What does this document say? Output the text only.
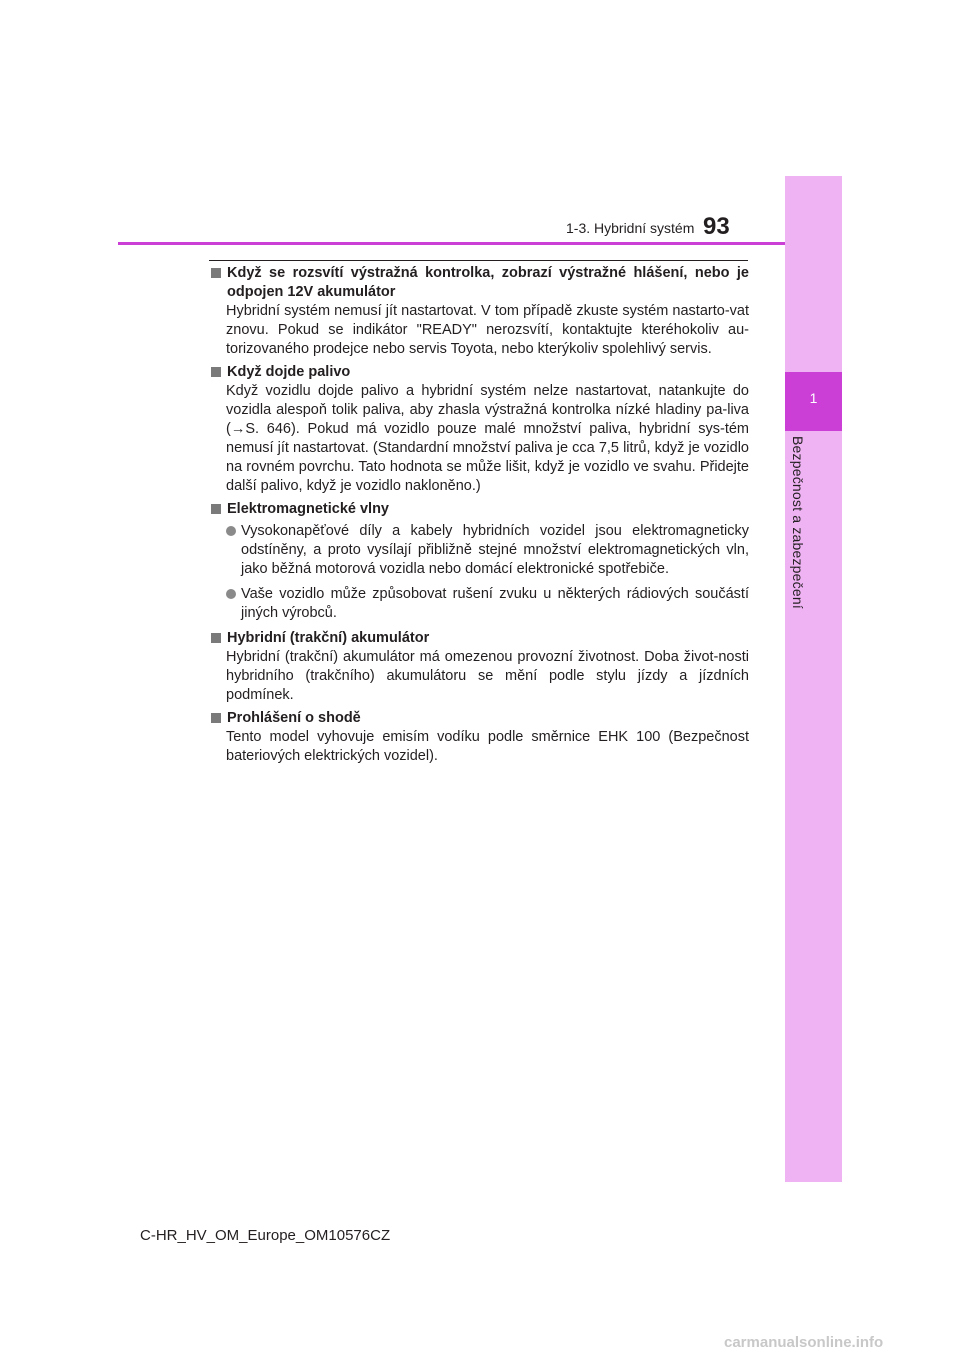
1
Bezpečnost a zabezpečení
1-3. Hybridní systém 93
Když se rozsvítí výstražná kontrolka, zobrazí výstražné hlášení, nebo je odpojen 12V akumulátor
Hybridní systém nemusí jít nastartovat. V tom případě zkuste systém nastarto-vat znovu. Pokud se indikátor "READY" nerozsvítí, kontaktujte kteréhokoliv au-torizovaného prodejce nebo servis Toyota, nebo kterýkoliv spolehlivý servis.
Když dojde palivo
Když vozidlu dojde palivo a hybridní systém nelze nastartovat, natankujte do vozidla alespoň tolik paliva, aby zhasla výstražná kontrolka nízké hladiny pa-liva (→S. 646). Pokud má vozidlo pouze malé množství paliva, hybridní sys-tém nemusí jít nastartovat. (Standardní množství paliva je cca 7,5 litrů, když je vozidlo na rovném povrchu. Tato hodnota se může lišit, když je vozidlo ve svahu. Přidejte další palivo, když je vozidlo nakloněno.)
Elektromagnetické vlny
Vysokonapěťové díly a kabely hybridních vozidel jsou elektromagneticky odstíněny, a proto vysílají přibližně stejné množství elektromagnetických vln, jako běžná motorová vozidla nebo domácí elektronické spotřebiče.
Vaše vozidlo může způsobovat rušení zvuku u některých rádiových součástí jiných výrobců.
Hybridní (trakční) akumulátor
Hybridní (trakční) akumulátor má omezenou provozní životnost. Doba život-nosti hybridního (trakčního) akumulátoru se mění podle stylu jízdy a jízdních podmínek.
Prohlášení o shodě
Tento model vyhovuje emisím vodíku podle směrnice EHK 100 (Bezpečnost bateriových elektrických vozidel).
C-HR_HV_OM_Europe_OM10576CZ
carmanualsonline.info
